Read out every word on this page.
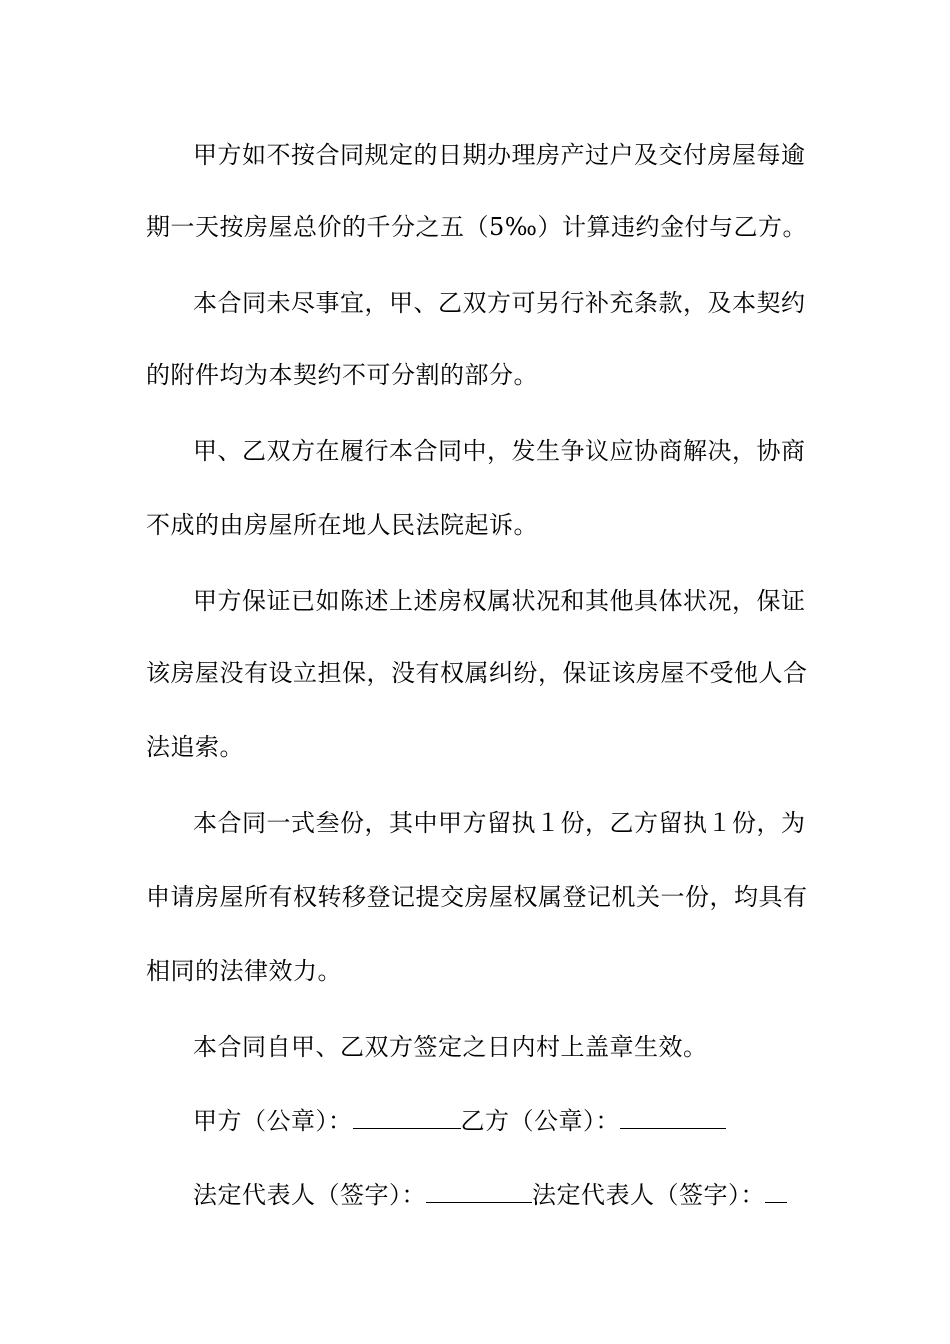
甲方如不按合同规定的日期办理房产过户及交付房屋每逾
期一天按房屋总价的千分之五（5‰）计算违约金付与乙方。
本合同未尽事宜，甲、乙双方可另行补充条款，及本契约
的附件均为本契约不可分割的部分。
甲、乙双方在履行本合同中，发生争议应协商解决，协商
不成的由房屋所在地人民法院起诉。
甲方保证已如陈述上述房权属状况和其他具体状况，保证
该房屋没有设立担保，没有权属纠纷，保证该房屋不受他人合
法追索。
本合同一式叁份，其中甲方留执１份，乙方留执１份，为
申请房屋所有权转移登记提交房屋权属登记机关一份，均具有
相同的法律效力。
本合同自甲、乙双方签定之日内村上盖章生效。
甲方（公章）：	乙方（公章）：
法定代表人（签字）：	法定代表人（签字）：
